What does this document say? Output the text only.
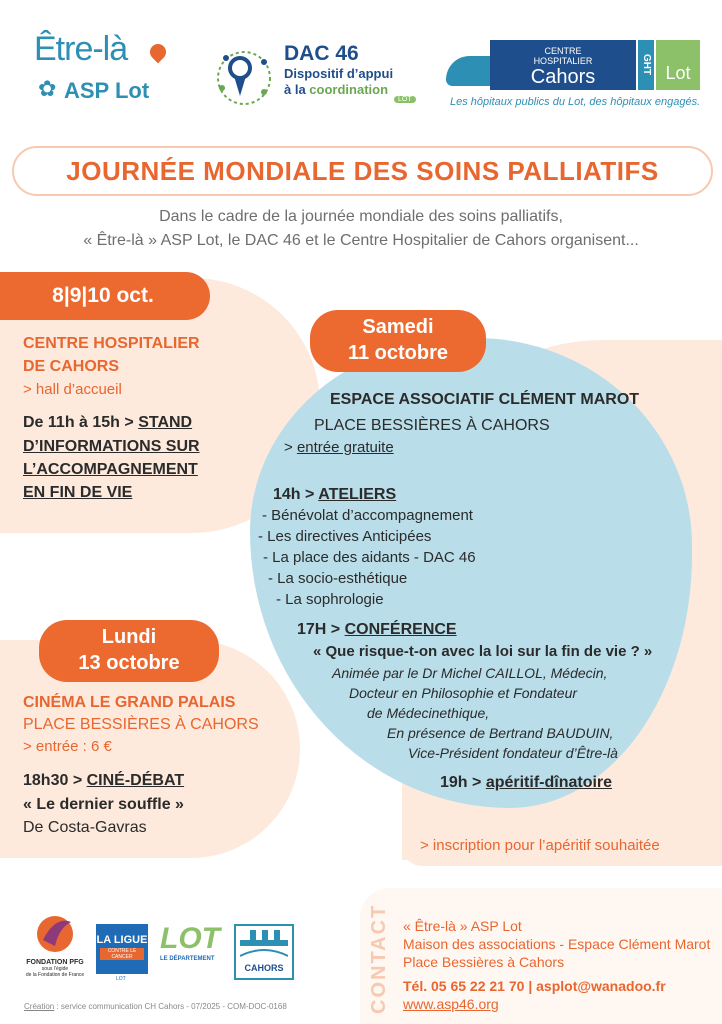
Être-là
✿ ASP Lot
DAC 46
Dispositif d’appui
à la coordination
LOT
CENTRE
HOSPITALIER
Cahors
GHT Lot
Les hôpitaux publics du Lot, des hôpitaux engagés.
JOURNÉE MONDIALE DES SOINS PALLIATIFS
Dans le cadre de la journée mondiale des soins palliatifs,
« Être-là » ASP Lot, le DAC 46 et le Centre Hospitalier de Cahors organisent...
8|9|10 oct.
CENTRE HOSPITALIER
DE CAHORS
> hall d’accueil
De 11h à 15h > STAND
D’INFORMATIONS SUR
L’ACCOMPAGNEMENT
EN FIN DE VIE
Samedi
11 octobre
ESPACE ASSOCIATIF CLÉMENT MAROT
PLACE BESSIÈRES À CAHORS
> entrée gratuite
14h > ATELIERS
- Bénévolat d’accompagnement
- Les directives Anticipées
- La place des aidants - DAC 46
- La socio-esthétique
- La sophrologie
17H > CONFÉRENCE
« Que risque-t-on avec la loi sur la fin de vie ? »
Animée par le Dr Michel CAILLOL, Médecin,
Docteur en Philosophie et Fondateur
de Médecinethique,
En présence de Bertrand BAUDUIN,
Vice-Président fondateur d’Être-là
19h > apéritif-dînatoire
> inscription pour l’apéritif souhaitée
Lundi
13 octobre
CINÉMA LE GRAND PALAIS
PLACE BESSIÈRES À CAHORS
> entrée : 6 €
18h30 > CINÉ-DÉBAT
« Le dernier souffle »
De Costa-Gavras
FONDATION PFG
sous l’égide
de la Fondation de France
LA LIGUE
CONTRE LE CANCER
LOT
LOT
LE DÉPARTEMENT
CAHORS	CONTACT « Être-là » ASP Lot
Maison des associations - Espace Clément Marot
Place Bessières à Cahors
Tél. 05 65 22 21 70 | asplot@wanadoo.fr
www.asp46.org
Création : service communication CH Cahors - 07/2025 - COM-DOC-0168
